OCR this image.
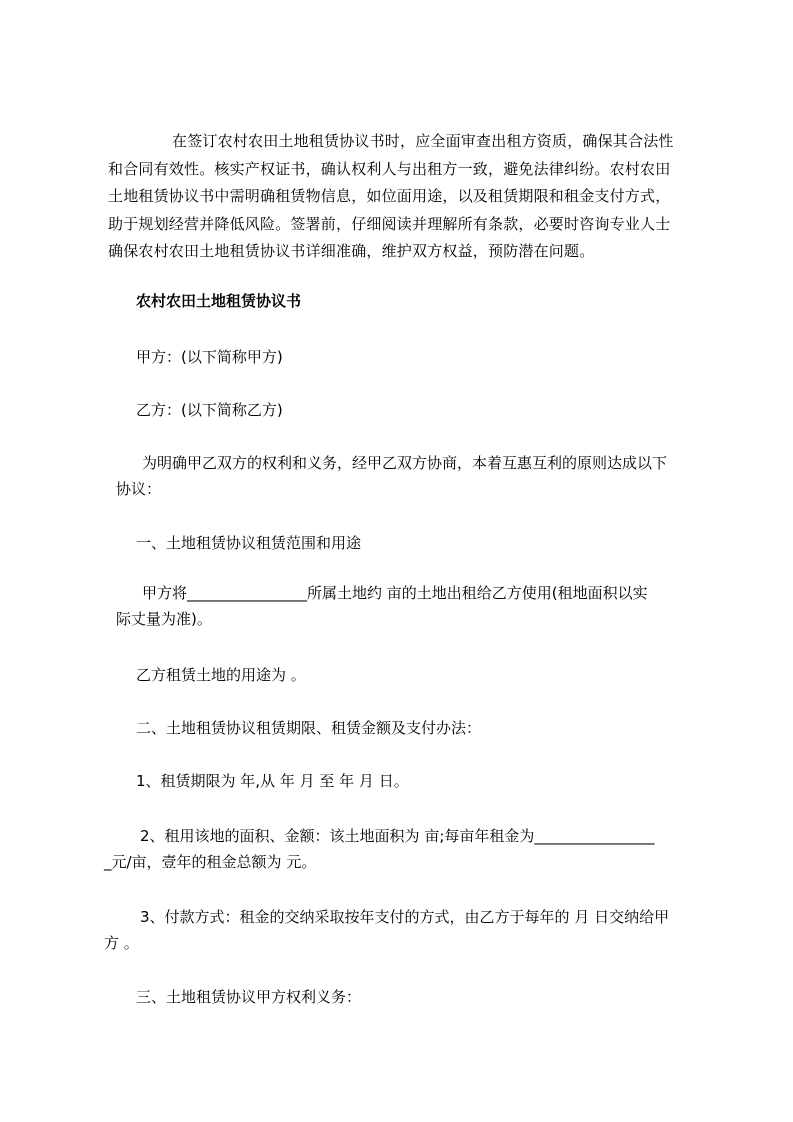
在签订农村农田土地租赁协议书时，应全面审查出租方资质，确保其合法性
和合同有效性。核实产权证书，确认权利人与出租方一致，避免法律纠纷。农村农田
土地租赁协议书中需明确租赁物信息，如位面用途，以及租赁期限和租金支付方式，
助于规划经营并降低风险。签署前，仔细阅读并理解所有条款，必要时咨询专业人士
确保农村农田土地租赁协议书详细准确，维护双方权益，预防潜在问题。
农村农田土地租赁协议书
甲方：(以下简称甲方)
乙方：(以下简称乙方)
为明确甲乙双方的权利和义务，经甲乙双方协商，本着互惠互利的原则达成以下
协议：
一、土地租赁协议租赁范围和用途
甲方将________________所属土地约 亩的土地出租给乙方使用(租地面积以实
际丈量为准)。
乙方租赁土地的用途为 。
二、土地租赁协议租赁期限、租赁金额及支付办法：
1、租赁期限为 年,从 年 月 至 年 月 日。
2、租用该地的面积、金额：该土地面积为 亩;每亩年租金为________________
_元/亩，壹年的租金总额为 元。
3、付款方式：租金的交纳采取按年支付的方式，由乙方于每年的 月 日交纳给甲
方 。
三、土地租赁协议甲方权利义务：
